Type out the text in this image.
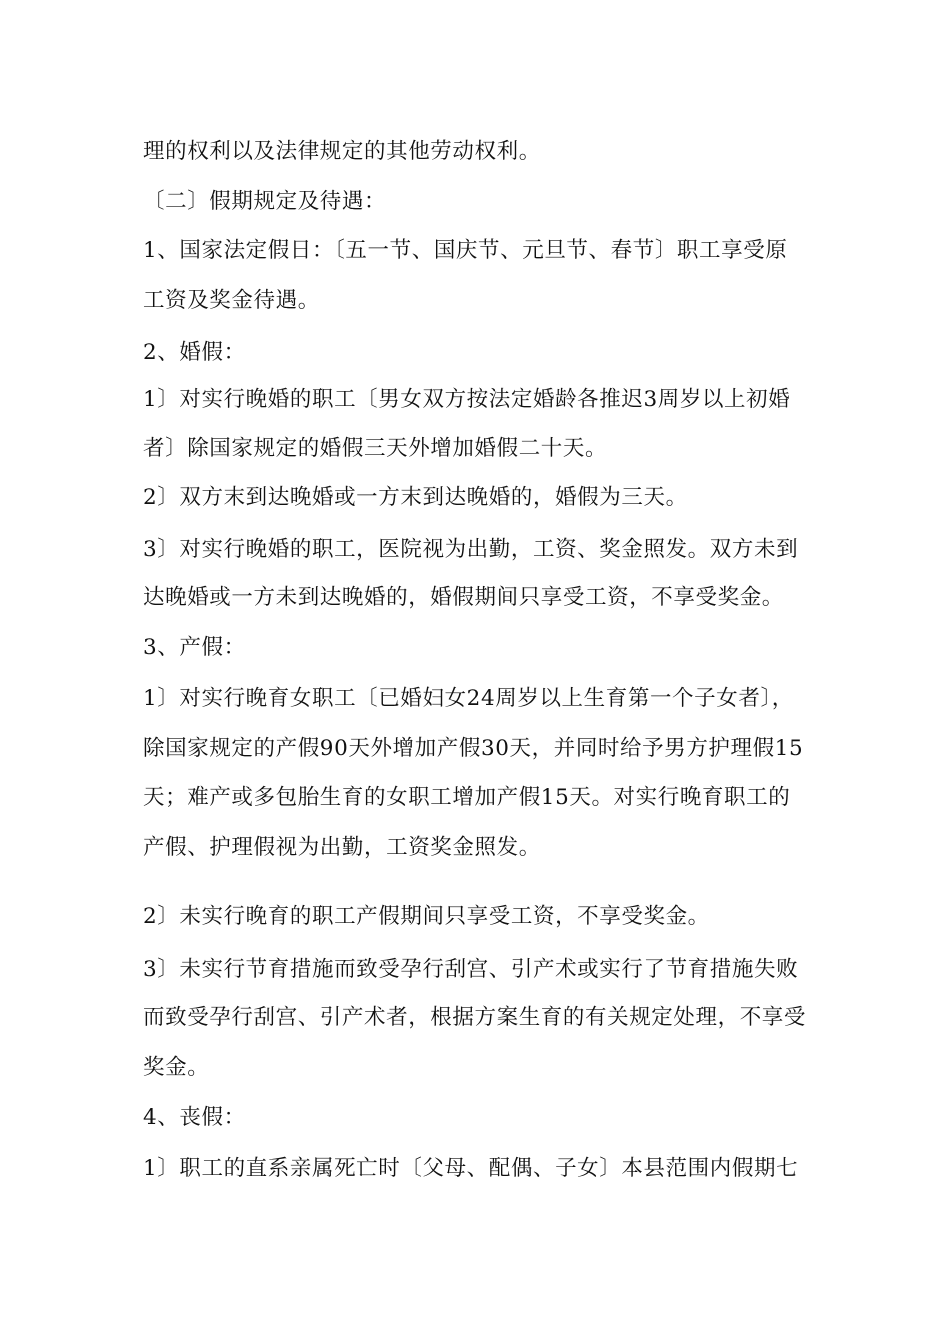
理的权利以及法律规定的其他劳动权利。
〔二〕假期规定及待遇：
1、国家法定假日：〔五一节、国庆节、元旦节、春节〕职工享受原
工资及奖金待遇。
2、婚假：
1〕对实行晚婚的职工〔男女双方按法定婚龄各推迟3周岁以上初婚
者〕除国家规定的婚假三天外增加婚假二十天。
2〕双方末到达晚婚或一方末到达晚婚的，婚假为三天。
3〕对实行晚婚的职工，医院视为出勤，工资、奖金照发。双方未到
达晚婚或一方未到达晚婚的，婚假期间只享受工资，不享受奖金。
3、产假：
1〕对实行晚育女职工〔已婚妇女24周岁以上生育第一个子女者〕，
除国家规定的产假90天外增加产假30天，并同时给予男方护理假15
天；难产或多包胎生育的女职工增加产假15天。对实行晚育职工的
产假、护理假视为出勤，工资奖金照发。
2〕未实行晚育的职工产假期间只享受工资，不享受奖金。
3〕未实行节育措施而致受孕行刮宫、引产术或实行了节育措施失败
而致受孕行刮宫、引产术者，根据方案生育的有关规定处理，不享受
奖金。
4、丧假：
1〕职工的直系亲属死亡时〔父母、配偶、子女〕本县范围内假期七
